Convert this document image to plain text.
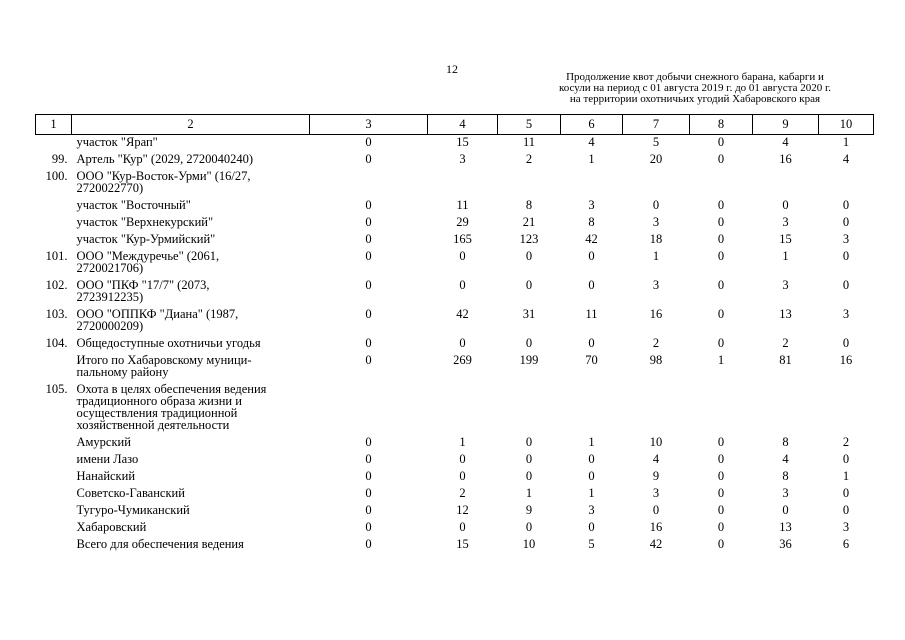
12
Продолжение квот добычи снежного барана, кабарги и
косули на период с 01 августа 2019 г. до 01 августа 2020 г.
на территории охотничьих угодий Хабаровского края
1	2	3	4	5	6	7	8	9	10
	участок "Ярап"	0	15	11	4	5	0	4	1
99.	Артель "Кур" (2029, 2720040240)	0	3	2	1	20	0	16	4
100.	ООО "Кур-Восток-Урми" (16/27,
2720022770)								
	участок "Восточный"	0	11	8	3	0	0	0	0
	участок "Верхнекурский"	0	29	21	8	3	0	3	0
	участок "Кур-Урмийский"	0	165	123	42	18	0	15	3
101.	ООО "Междуречье" (2061,
2720021706)	0	0	0	0	1	0	1	0
102.	ООО "ПКФ "17/7" (2073,
2723912235)	0	0	0	0	3	0	3	0
103.	ООО "ОППКФ "Диана" (1987,
2720000209)	0	42	31	11	16	0	13	3
104.	Общедоступные охотничьи угодья	0	0	0	0	2	0	2	0
	Итого по Хабаровскому муници-
пальному району	0	269	199	70	98	1	81	16
105.	Охота в целях обеспечения ведения
традиционного образа жизни и
осуществления традиционной
хозяйственной деятельности								
	Амурский	0	1	0	1	10	0	8	2
	имени Лазо	0	0	0	0	4	0	4	0
	Нанайский	0	0	0	0	9	0	8	1
	Советско-Гаванский	0	2	1	1	3	0	3	0
	Тугуро-Чумиканский	0	12	9	3	0	0	0	0
	Хабаровский	0	0	0	0	16	0	13	3
	Всего для обеспечения ведения	0	15	10	5	42	0	36	6
